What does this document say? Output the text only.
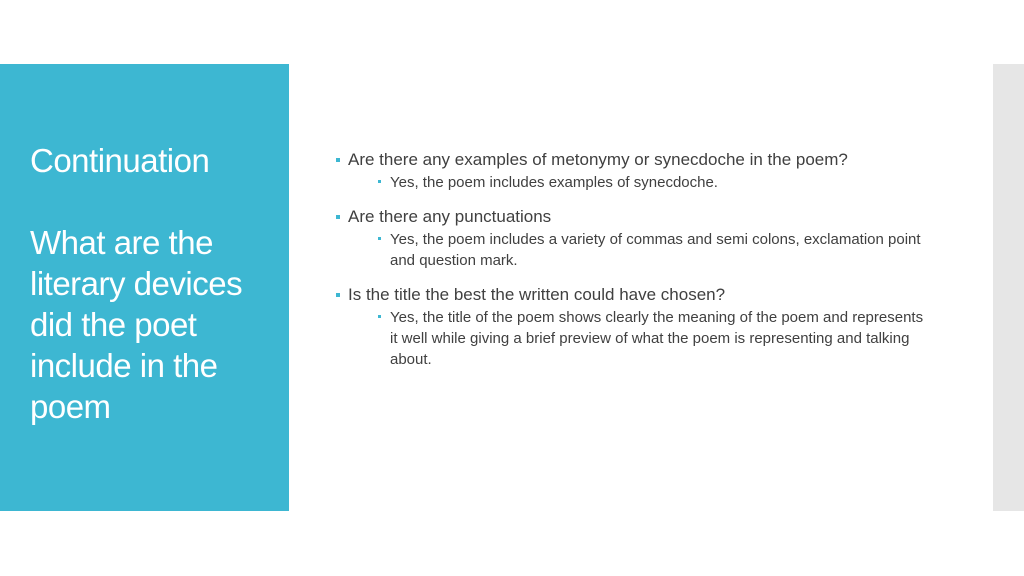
Continuation
What are the
literary devices
did the poet
include in the
poem
Are there any examples of metonymy or synecdoche in the poem?
Yes, the poem includes examples of synecdoche.
Are there any punctuations
Yes, the poem includes a variety of commas and semi colons, exclamation point and question mark.
Is the title the best the written could have chosen?
Yes, the title of the poem shows clearly the meaning of the poem and represents it well while giving a brief preview of what the poem is representing and talking about.
